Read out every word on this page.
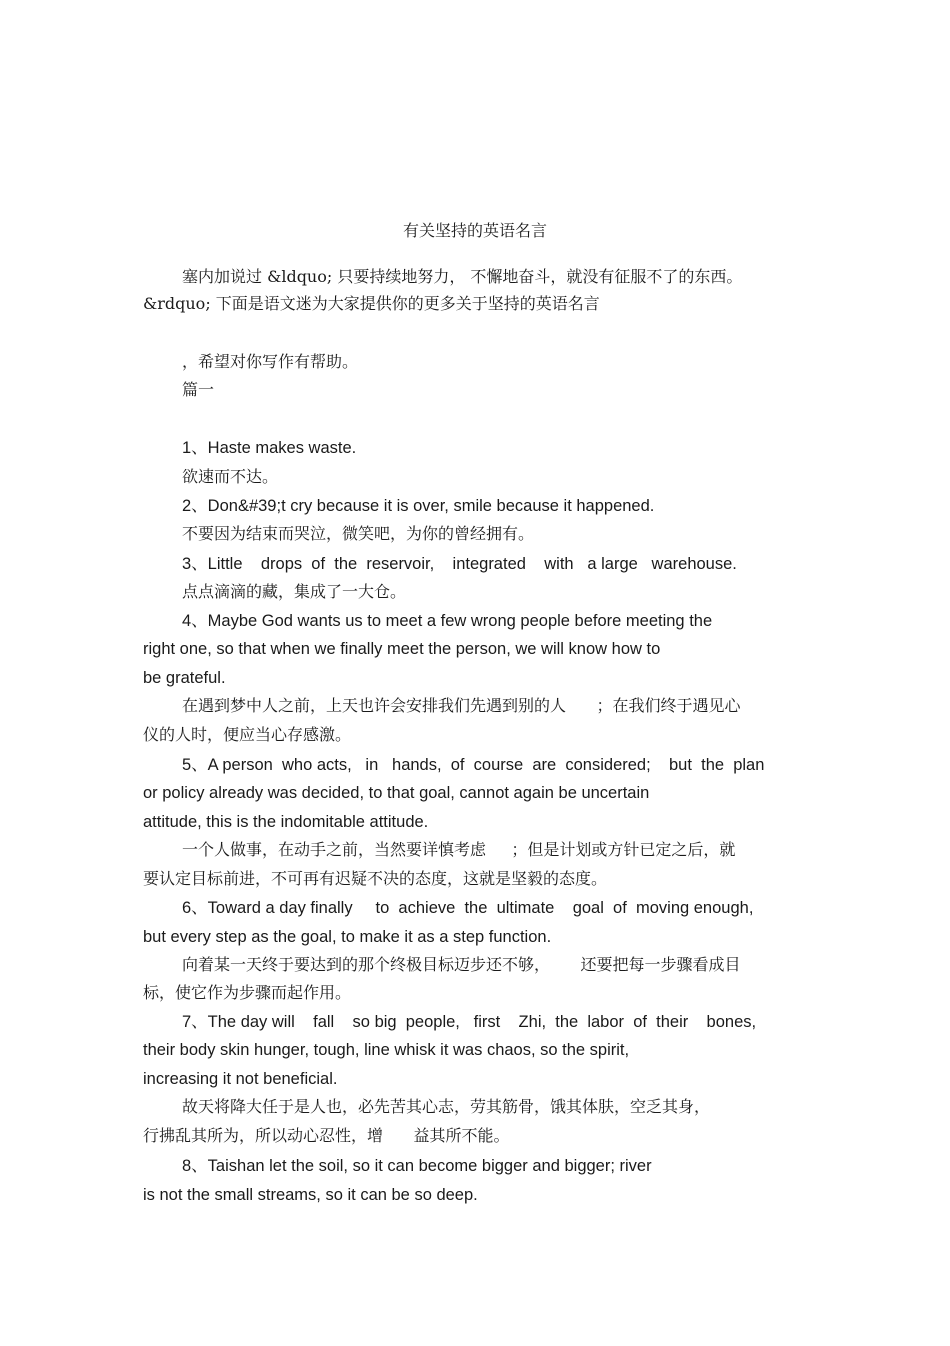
有关坚持的英语名言
塞内加说过 &ldquo; 只要持续地努力， 不懈地奋斗，就没有征服不了的东西。
&rdquo; 下面是语文迷为大家提供你的更多关于坚持的英语名言
，希望对你写作有帮助。
篇一
1、Haste makes waste.
欲速而不达。
2、Don&#39;t cry because it is over, smile because it happened.
不要因为结束而哭泣，微笑吧，为你的曾经拥有。
3、Little    drops  of  the  reservoir,    integrated    with   a large   warehouse.
点点滴滴的藏，集成了一大仓。
4、Maybe God wants us to meet a few wrong people before meeting the
right one, so that when we finally meet the person, we will know how to
be grateful.
在遇到梦中人之前，上天也许会安排我们先遇到别的人      ；在我们终于遇见心
仪的人时，便应当心存感激。
5、A person  who acts,   in   hands,  of  course  are  considered;    but  the  plan
or policy already was decided, to that goal, cannot again be uncertain
attitude, this is the indomitable attitude.
一个人做事，在动手之前，当然要详慎考虑     ；但是计划或方针已定之后，就
要认定目标前进，不可再有迟疑不决的态度，这就是坚毅的态度。
6、Toward a day finally     to  achieve  the  ultimate    goal  of  moving enough,
but every step as the goal, to make it as a step function.
向着某一天终于要达到的那个终极目标迈步还不够，      还要把每一步骤看成目
标，使它作为步骤而起作用。
7、The day will    fall    so big  people,   first    Zhi,  the  labor  of  their    bones,
their body skin hunger, tough, line whisk it was chaos, so the spirit,
increasing it not beneficial.
故天将降大任于是人也，必先苦其心志，劳其筋骨，饿其体肤，空乏其身，
行拂乱其所为，所以动心忍性，增      益其所不能。
8、Taishan let the soil, so it can become bigger and bigger; river
is not the small streams, so it can be so deep.
